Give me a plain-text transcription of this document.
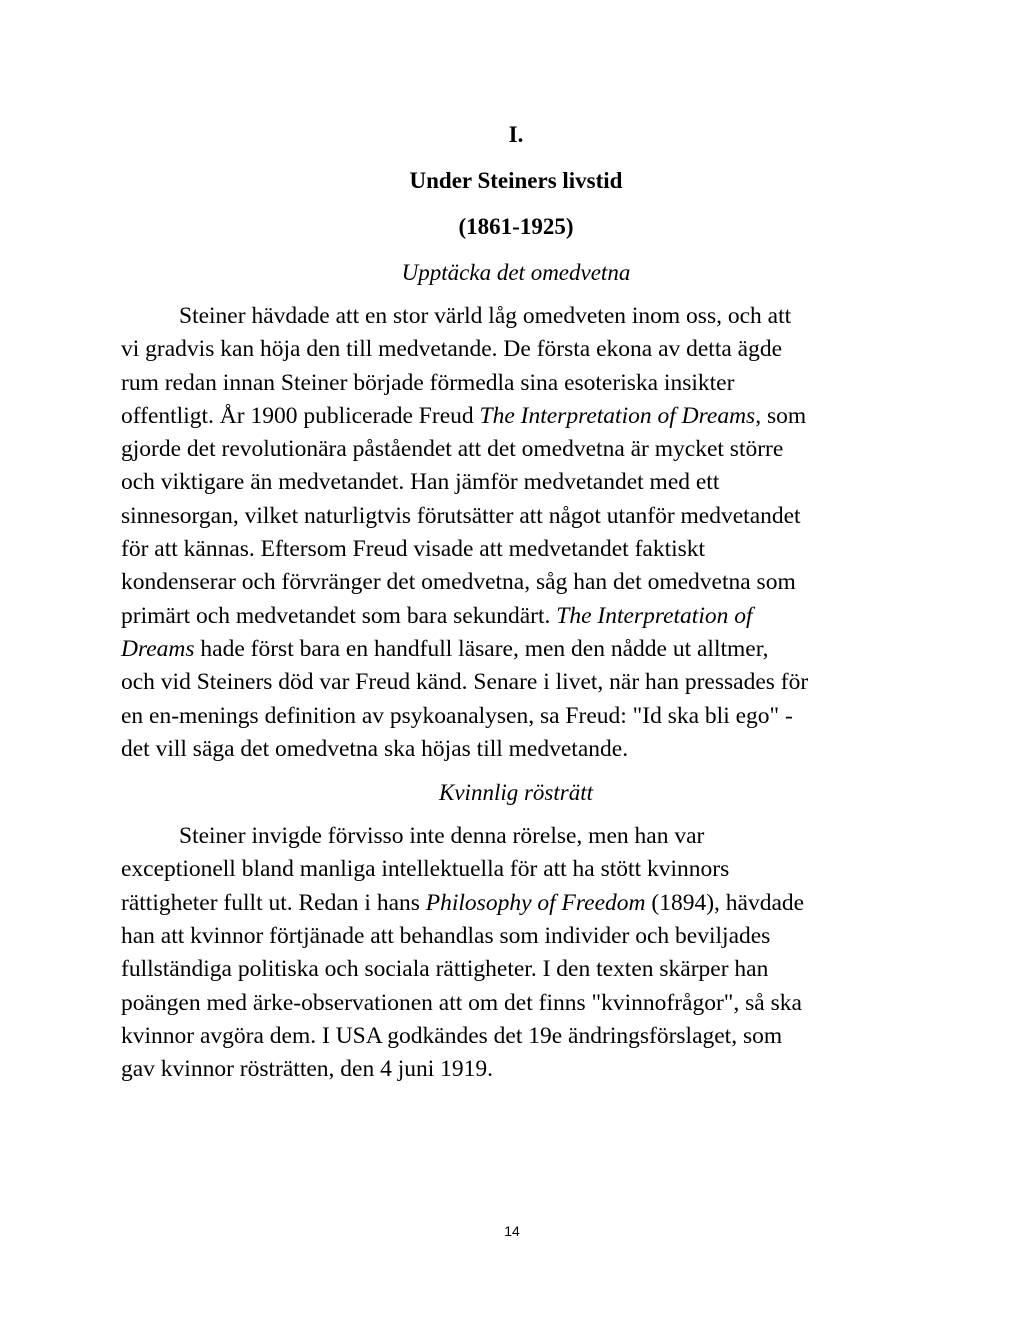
I.
Under Steiners livstid
(1861-1925)
Upptäcka det omedvetna
Steiner hävdade att en stor värld låg omedveten inom oss, och att
vi gradvis kan höja den till medvetande. De första ekona av detta ägde
rum redan innan Steiner började förmedla sina esoteriska insikter
offentligt. År 1900 publicerade Freud The Interpretation of Dreams, som
gjorde det revolutionära påståendet att det omedvetna är mycket större
och viktigare än medvetandet. Han jämför medvetandet med ett
sinnesorgan, vilket naturligtvis förutsätter att något utanför medvetandet
för att kännas. Eftersom Freud visade att medvetandet faktiskt
kondenserar och förvränger det omedvetna, såg han det omedvetna som
primärt och medvetandet som bara sekundärt. The Interpretation of
Dreams hade först bara en handfull läsare, men den nådde ut alltmer,
och vid Steiners död var Freud känd. Senare i livet, när han pressades för
en en-menings definition av psykoanalysen, sa Freud: "Id ska bli ego" -
det vill säga det omedvetna ska höjas till medvetande.
Kvinnlig rösträtt
Steiner invigde förvisso inte denna rörelse, men han var
exceptionell bland manliga intellektuella för att ha stött kvinnors
rättigheter fullt ut. Redan i hans Philosophy of Freedom (1894), hävdade
han att kvinnor förtjänade att behandlas som individer och beviljades
fullständiga politiska och sociala rättigheter. I den texten skärper han
poängen med ärke-observationen att om det finns "kvinnofrågor", så ska
kvinnor avgöra dem. I USA godkändes det 19e ändringsförslaget, som
gav kvinnor rösträtten, den 4 juni 1919.
14
